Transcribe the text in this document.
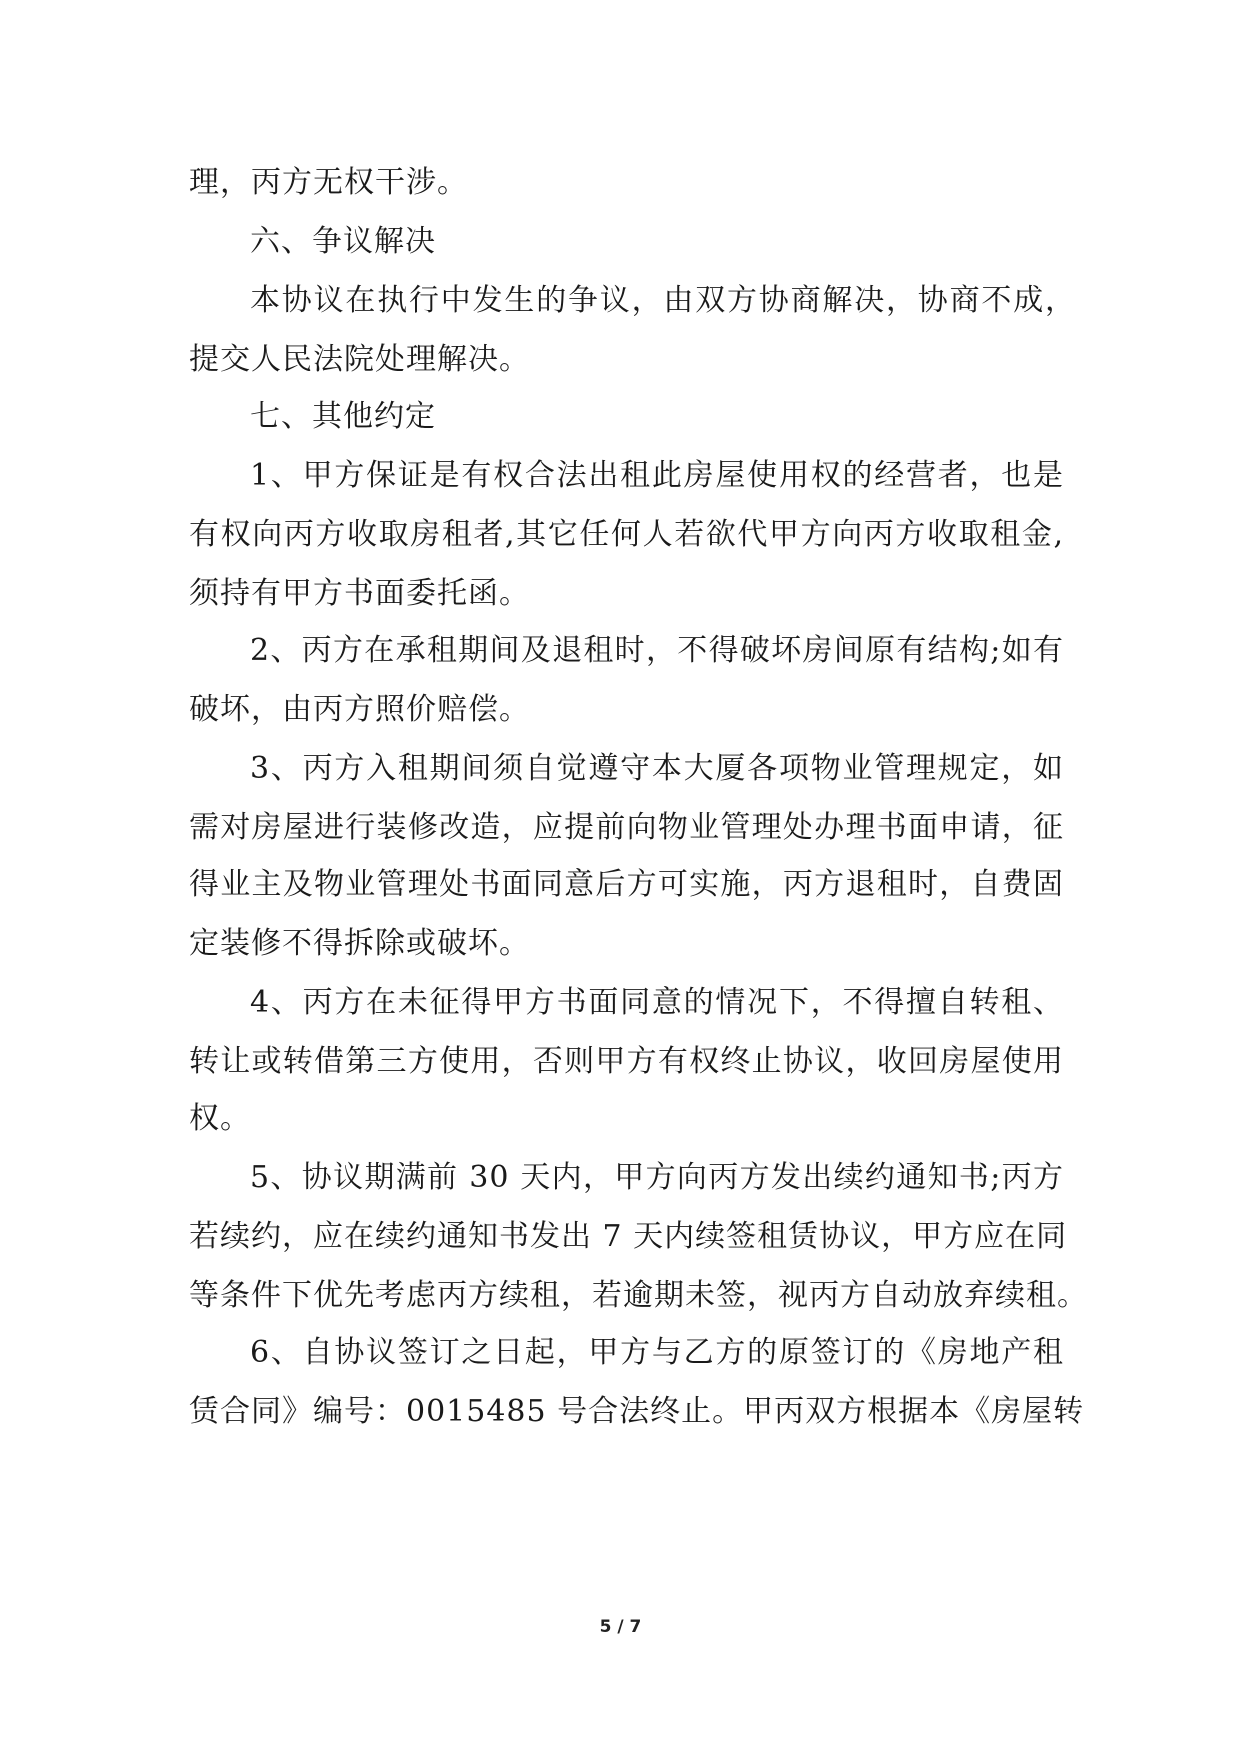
理，丙方无权干涉。
六、争议解决
本协议在执行中发生的争议，由双方协商解决，协商不成，
提交人民法院处理解决。
七、其他约定
1、甲方保证是有权合法出租此房屋使用权的经营者，也是
有权向丙方收取房租者,其它任何人若欲代甲方向丙方收取租金,
须持有甲方书面委托函。
2、丙方在承租期间及退租时，不得破坏房间原有结构;如有
破坏，由丙方照价赔偿。
3、丙方入租期间须自觉遵守本大厦各项物业管理规定，如
需对房屋进行装修改造，应提前向物业管理处办理书面申请，征
得业主及物业管理处书面同意后方可实施，丙方退租时，自费固
定装修不得拆除或破坏。
4、丙方在未征得甲方书面同意的情况下，不得擅自转租、
转让或转借第三方使用，否则甲方有权终止协议，收回房屋使用
权。
5、协议期满前 30 天内，甲方向丙方发出续约通知书;丙方
若续约，应在续约通知书发出 7 天内续签租赁协议，甲方应在同
等条件下优先考虑丙方续租，若逾期未签，视丙方自动放弃续租。
6、自协议签订之日起，甲方与乙方的原签订的《房地产租
赁合同》编号：0015485 号合法终止。甲丙双方根据本《房屋转
5 / 7
